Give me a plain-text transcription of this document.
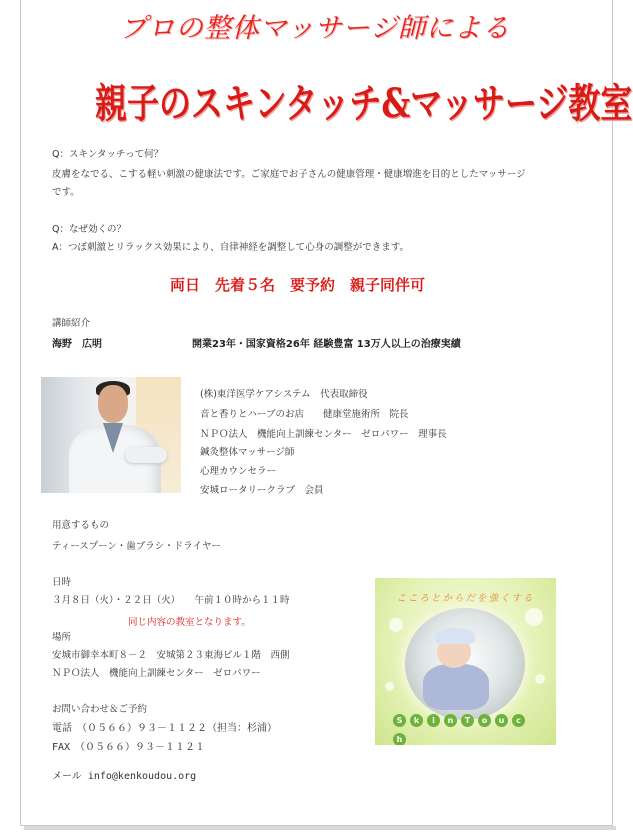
プロの整体マッサージ師による
親子のスキンタッチ&マッサージ教室
Q：スキンタッチって何？
皮膚をなでる、こする軽い刺激の健康法です。ご家庭でお子さんの健康管理・健康増進を目的としたマッサージ
です。
Q：なぜ効くの？
A：つぼ刺激とリラックス効果により、自律神経を調整して心身の調整ができます。
両日　先着５名　要予約　親子同伴可
講師紹介
海野　広明	開業23年・国家資格26年 経験豊富 13万人以上の治療実績
(株)東洋医学ケアシステム　代表取締役
音と香りとハーブのお店　　健康堂施術所　院長
ＮＰＯ法人　機能向上訓練センター　ゼロパワー　理事長
鍼灸整体マッサージ師
心理カウンセラー
安城ロータリークラブ　会員
用意するもの
ティースプーン・歯ブラシ・ドライヤー
日時
３月８日（火）・２２日（火）　　午前１０時から１１時
同じ内容の教室となります。
場所
安城市御幸本町８－２　安城第２３東海ビル１階　西側
ＮＰＯ法人　機能向上訓練センター　ゼロパワー
お問い合わせ＆ご予約
電話　（０５６６）９３－１１２２（担当：杉浦）
FAX　（０５６６）９３－１１２１
メール info@kenkoudou.org
こころとからだを強くする
S k i n T o u ch
